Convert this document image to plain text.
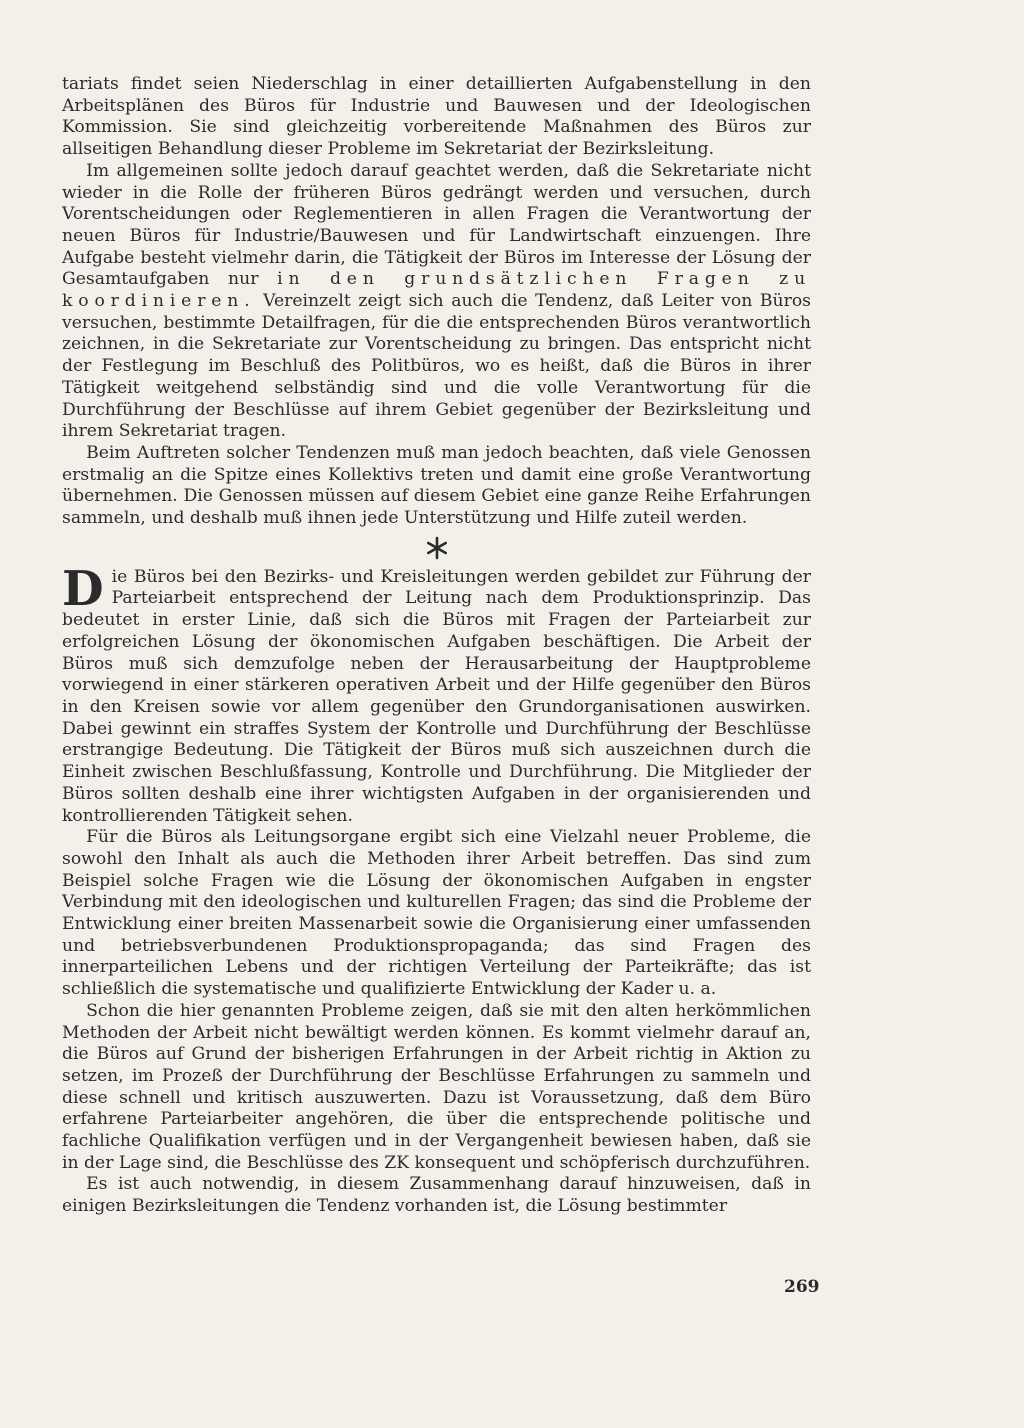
tariats findet seien Niederschlag in einer detaillierten Aufgabenstellung in den Arbeitsplänen des Büros für Industrie und Bauwesen und der Ideologischen Kommission. Sie sind gleichzeitig vorbereitende Maßnahmen des Büros zur allseitigen Behandlung dieser Probleme im Sekretariat der Bezirksleitung.

Im allgemeinen sollte jedoch darauf geachtet werden, daß die Sekretariate nicht wieder in die Rolle der früheren Büros gedrängt werden und versuchen, durch Vorentscheidungen oder Reglementieren in allen Fragen die Verantwortung der neuen Büros für Industrie/Bauwesen und für Landwirtschaft einzuengen. Ihre Aufgabe besteht vielmehr darin, die Tätigkeit der Büros im Interesse der Lösung der Gesamtaufgaben nur in den grundsätzlichen Fragen zu koordinieren. Vereinzelt zeigt sich auch die Tendenz, daß Leiter von Büros versuchen, bestimmte Detailfragen, für die die entsprechenden Büros verantwortlich zeichnen, in die Sekretariate zur Vorentscheidung zu bringen. Das entspricht nicht der Festlegung im Beschluß des Politbüros, wo es heißt, daß die Büros in ihrer Tätigkeit weitgehend selbständig sind und die volle Verantwortung für die Durchführung der Beschlüsse auf ihrem Gebiet gegenüber der Bezirksleitung und ihrem Sekretariat tragen.

Beim Auftreten solcher Tendenzen muß man jedoch beachten, daß viele Genossen erstmalig an die Spitze eines Kollektivs treten und damit eine große Verantwortung übernehmen. Die Genossen müssen auf diesem Gebiet eine ganze Reihe Erfahrungen sammeln, und deshalb muß ihnen jede Unterstützung und Hilfe zuteil werden.

Die Büros bei den Bezirks- und Kreisleitungen werden gebildet zur Führung der Parteiarbeit entsprechend der Leitung nach dem Produktionsprinzip. Das bedeutet in erster Linie, daß sich die Büros mit Fragen der Parteiarbeit zur erfolgreichen Lösung der ökonomischen Aufgaben beschäftigen. Die Arbeit der Büros muß sich demzufolge neben der Herausarbeitung der Hauptprobleme vorwiegend in einer stärkeren operativen Arbeit und der Hilfe gegenüber den Büros in den Kreisen sowie vor allem gegenüber den Grundorganisationen auswirken. Dabei gewinnt ein straffes System der Kontrolle und Durchführung der Beschlüsse erstrangige Bedeutung. Die Tätigkeit der Büros muß sich auszeichnen durch die Einheit zwischen Beschlußfassung, Kontrolle und Durchführung. Die Mitglieder der Büros sollten deshalb eine ihrer wichtigsten Aufgaben in der organisierenden und kontrollierenden Tätigkeit sehen.

Für die Büros als Leitungsorgane ergibt sich eine Vielzahl neuer Probleme, die sowohl den Inhalt als auch die Methoden ihrer Arbeit betreffen. Das sind zum Beispiel solche Fragen wie die Lösung der ökonomischen Aufgaben in engster Verbindung mit den ideologischen und kulturellen Fragen; das sind die Probleme der Entwicklung einer breiten Massenarbeit sowie die Organisierung einer umfassenden und betriebsverbundenen Produktionspropaganda; das sind Fragen des innerparteilichen Lebens und der richtigen Verteilung der Parteikräfte; das ist schließlich die systematische und qualifizierte Entwicklung der Kader u. a.

Schon die hier genannten Probleme zeigen, daß sie mit den alten herkömmlichen Methoden der Arbeit nicht bewältigt werden können. Es kommt vielmehr darauf an, die Büros auf Grund der bisherigen Erfahrungen in der Arbeit richtig in Aktion zu setzen, im Prozeß der Durchführung der Beschlüsse Erfahrungen zu sammeln und diese schnell und kritisch auszuwerten. Dazu ist Voraussetzung, daß dem Büro erfahrene Parteiarbeiter angehören, die über die entsprechende politische und fachliche Qualifikation verfügen und in der Vergangenheit bewiesen haben, daß sie in der Lage sind, die Beschlüsse des ZK konsequent und schöpferisch durchzuführen.

Es ist auch notwendig, in diesem Zusammenhang darauf hinzuweisen, daß in einigen Bezirksleitungen die Tendenz vorhanden ist, die Lösung bestimmter

269
